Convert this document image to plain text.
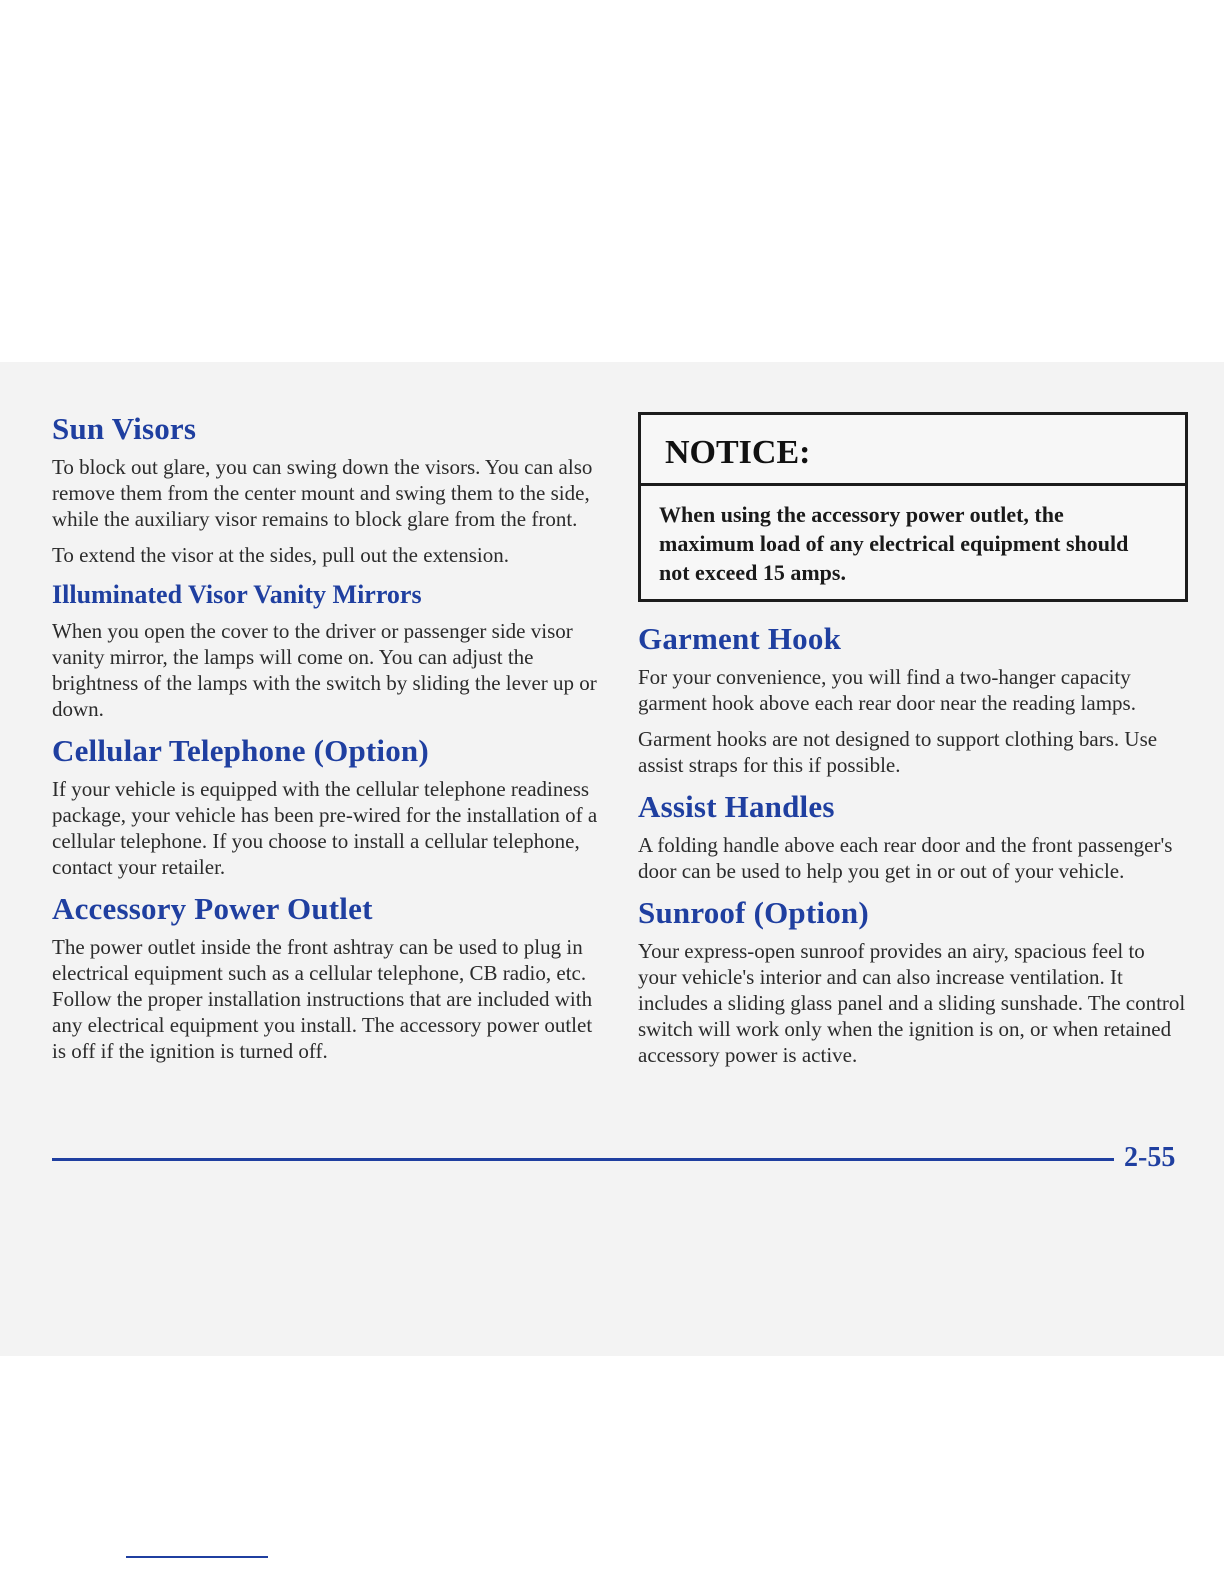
Sun Visors

To block out glare, you can swing down the visors. You can also remove them from the center mount and swing them to the side, while the auxiliary visor remains to block glare from the front.

To extend the visor at the sides, pull out the extension.

Illuminated Visor Vanity Mirrors

When you open the cover to the driver or passenger side visor vanity mirror, the lamps will come on. You can adjust the brightness of the lamps with the switch by sliding the lever up or down.

Cellular Telephone (Option)

If your vehicle is equipped with the cellular telephone readiness package, your vehicle has been pre-wired for the installation of a cellular telephone. If you choose to install a cellular telephone, contact your retailer.

Accessory Power Outlet

The power outlet inside the front ashtray can be used to plug in electrical equipment such as a cellular telephone, CB radio, etc. Follow the proper installation instructions that are included with any electrical equipment you install. The accessory power outlet is off if the ignition is turned off.

NOTICE:
When using the accessory power outlet, the maximum load of any electrical equipment should not exceed 15 amps.
Garment Hook

For your convenience, you will find a two-hanger capacity garment hook above each rear door near the reading lamps.

Garment hooks are not designed to support clothing bars. Use assist straps for this if possible.

Assist Handles

A folding handle above each rear door and the front passenger's door can be used to help you get in or out of your vehicle.

Sunroof (Option)

Your express-open sunroof provides an airy, spacious feel to your vehicle's interior and can also increase ventilation. It includes a sliding glass panel and a sliding sunshade. The control switch will work only when the ignition is on, or when retained accessory power is active.

2-55
